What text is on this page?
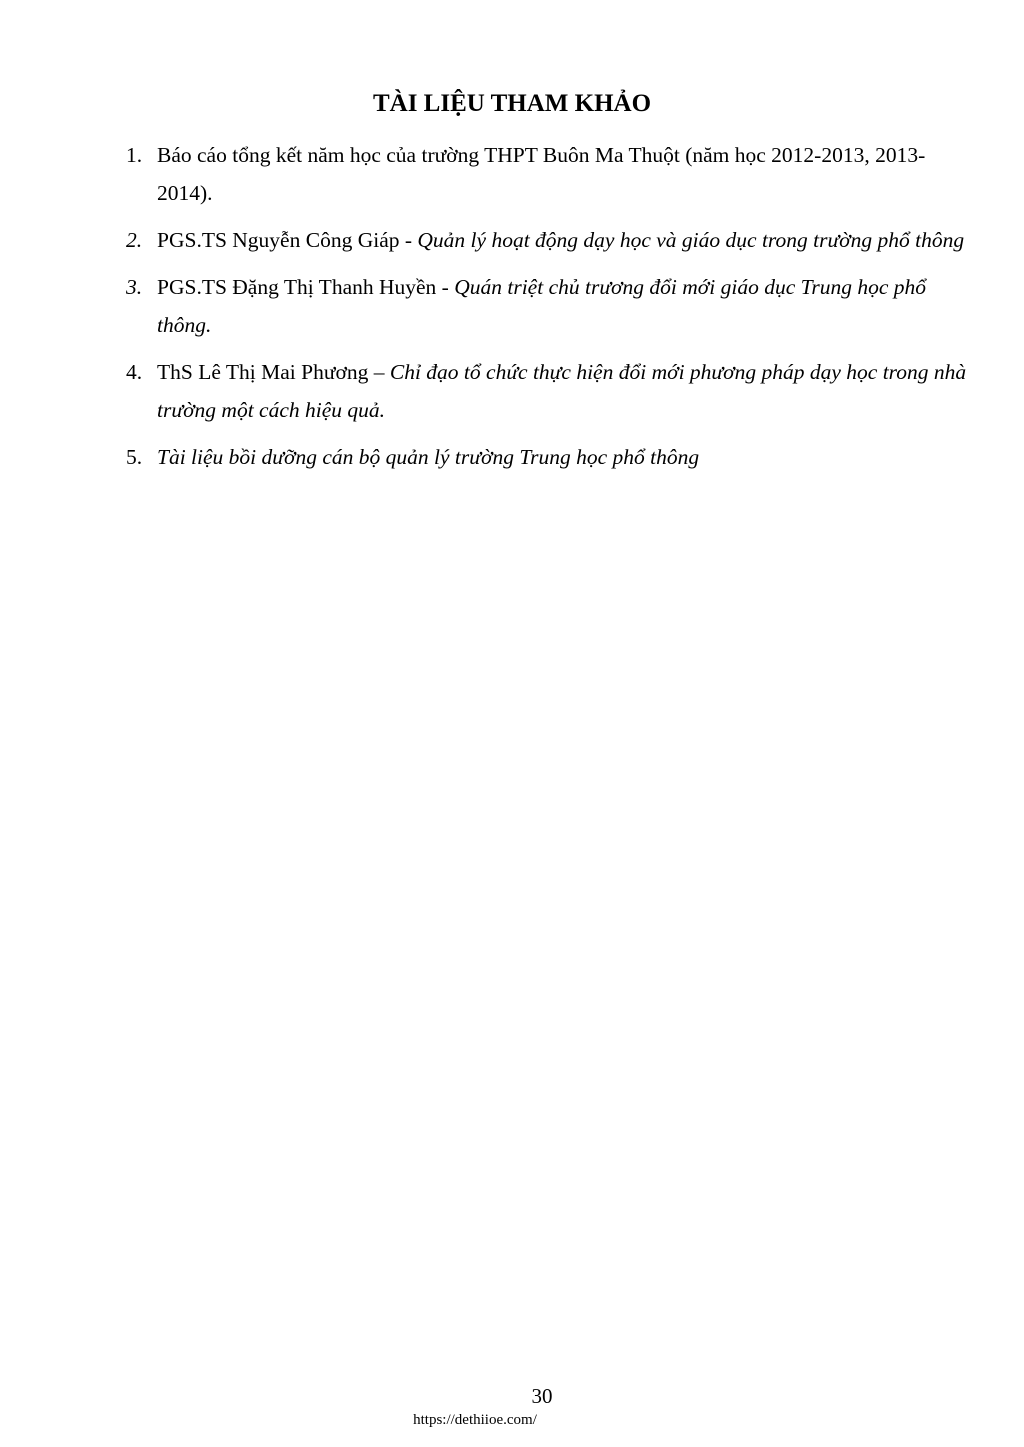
TÀI LIỆU THAM KHẢO
1. Báo cáo tổng kết năm học của trường THPT Buôn Ma Thuột (năm học 2012-2013, 2013-2014).
2. PGS.TS Nguyễn Công Giáp - Quản lý hoạt động dạy học và giáo dục trong trường phổ thông
3. PGS.TS Đặng Thị Thanh Huyền - Quán triệt chủ trương đổi mới giáo dục Trung học phổ thông.
4. ThS Lê Thị Mai Phương – Chỉ đạo tổ chức thực hiện đổi mới phương pháp dạy học trong nhà trường một cách hiệu quả.
5. Tài liệu bồi dưỡng cán bộ quản lý trường Trung học phổ thông
30
https://dethiioe.com/
